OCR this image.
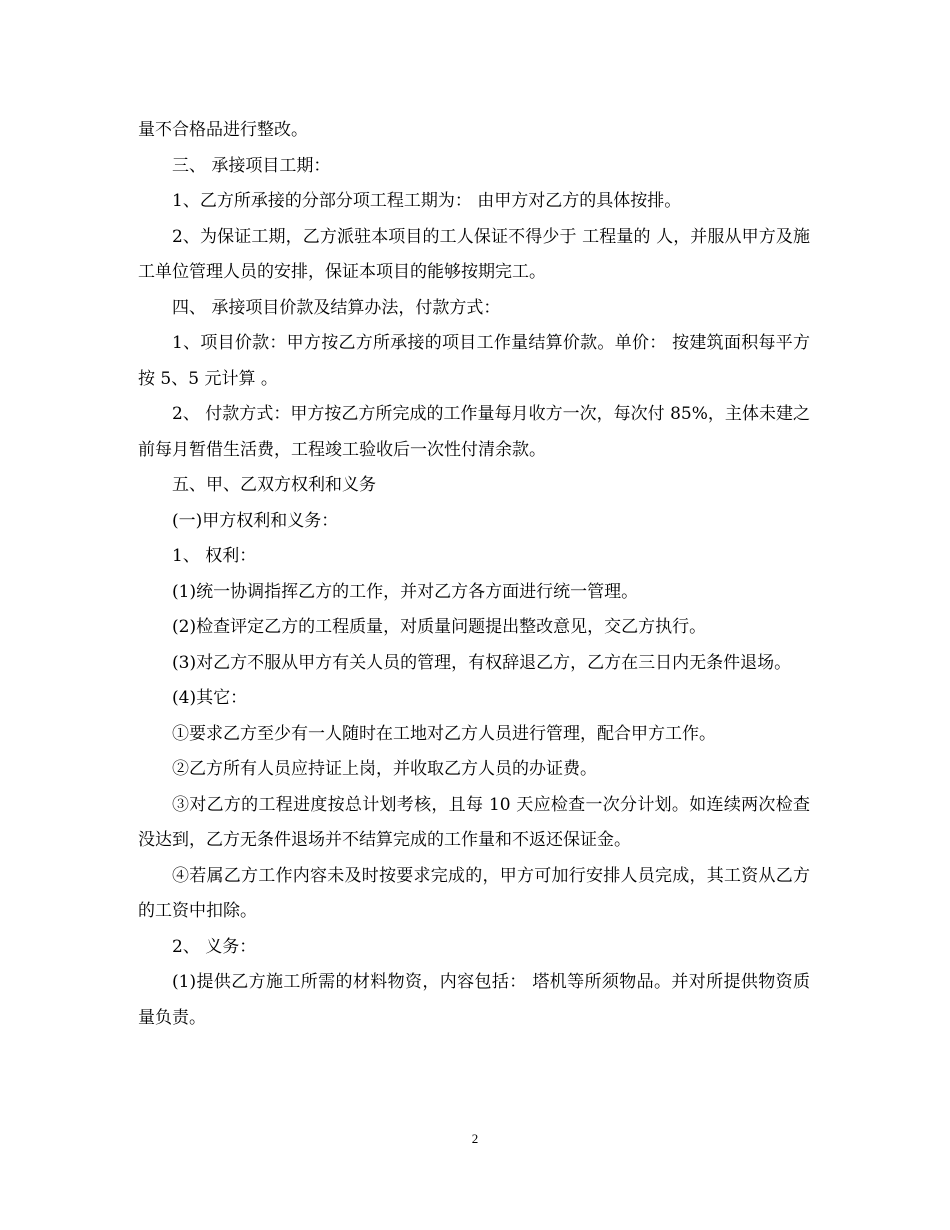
量不合格品进行整改。

三、 承接项目工期：

1、乙方所承接的分部分项工程工期为： 由甲方对乙方的具体按排。

2、为保证工期，乙方派驻本项目的工人保证不得少于 工程量的 人，并服从甲方及施工单位管理人员的安排，保证本项目的能够按期完工。

四、 承接项目价款及结算办法，付款方式：

1、项目价款：甲方按乙方所承接的项目工作量结算价款。单价： 按建筑面积每平方按 5、5 元计算 。

2、 付款方式：甲方按乙方所完成的工作量每月收方一次，每次付 85%，主体未建之前每月暂借生活费，工程竣工验收后一次性付清余款。

五、甲、乙双方权利和义务

(一)甲方权利和义务：

1、 权利：

(1)统一协调指挥乙方的工作，并对乙方各方面进行统一管理。

(2)检查评定乙方的工程质量，对质量问题提出整改意见，交乙方执行。

(3)对乙方不服从甲方有关人员的管理，有权辞退乙方，乙方在三日内无条件退场。

(4)其它：

①要求乙方至少有一人随时在工地对乙方人员进行管理，配合甲方工作。

②乙方所有人员应持证上岗，并收取乙方人员的办证费。

③对乙方的工程进度按总计划考核，且每 10 天应检查一次分计划。如连续两次检查没达到，乙方无条件退场并不结算完成的工作量和不返还保证金。

④若属乙方工作内容未及时按要求完成的，甲方可加行安排人员完成，其工资从乙方的工资中扣除。

2、 义务：

(1)提供乙方施工所需的材料物资，内容包括： 塔机等所须物品。并对所提供物资质量负责。

2
